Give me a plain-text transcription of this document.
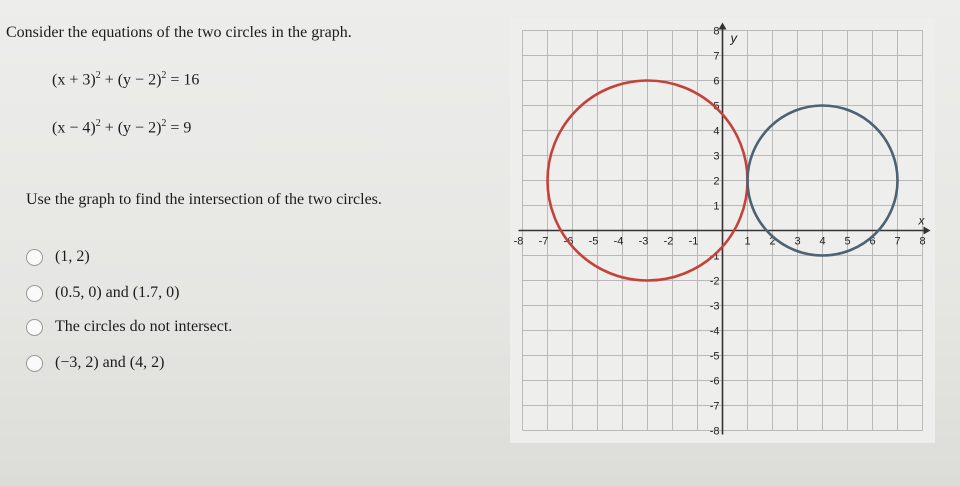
Consider the equations of the two circles in the graph.
$(x + 3)^2 + (y - 2)^2 = 16$
$(x - 4)^2 + (y - 2)^2 = 9$
Use the graph to find the intersection of the two circles.
(1, 2)
(0.5, 0) and (1.7, 0)
The circles do not intersect.
(−3, 2) and (4, 2)
-8 -7 -6 -5 -4 -3 -2 -1	1 2 3 4 5 6 7 8
8
7
6
5
4
3
2
1
-1
-2
-3
-4
-5
-6
-7
-8
x
y
